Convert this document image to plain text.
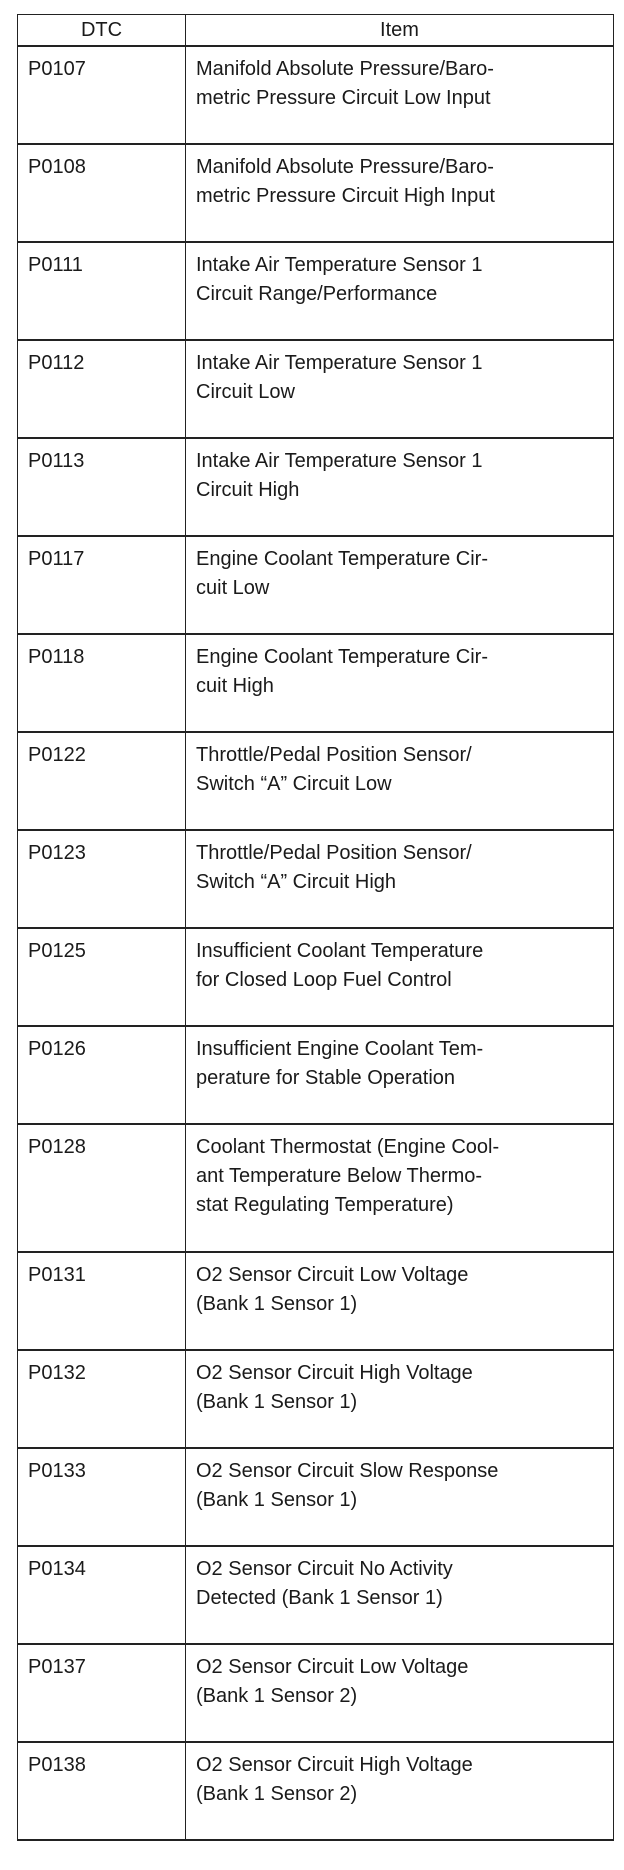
DTC	Item
P0107	Manifold Absolute Pressure/Baro-
metric Pressure Circuit Low Input

P0108	Manifold Absolute Pressure/Baro-
metric Pressure Circuit High Input

P0111	Intake Air Temperature Sensor 1
Circuit Range/Performance

P0112	Intake Air Temperature Sensor 1
Circuit Low

P0113	Intake Air Temperature Sensor 1
Circuit High

P0117	Engine Coolant Temperature Cir-
cuit Low

P0118	Engine Coolant Temperature Cir-
cuit High

P0122	Throttle/Pedal Position Sensor/
Switch “A” Circuit Low

P0123	Throttle/Pedal Position Sensor/
Switch “A” Circuit High

P0125	Insufficient Coolant Temperature
for Closed Loop Fuel Control

P0126	Insufficient Engine Coolant Tem-
perature for Stable Operation

P0128	Coolant Thermostat (Engine Cool-
ant Temperature Below Thermo-
stat Regulating Temperature)

P0131	O2 Sensor Circuit Low Voltage
(Bank 1 Sensor 1)

P0132	O2 Sensor Circuit High Voltage
(Bank 1 Sensor 1)

P0133	O2 Sensor Circuit Slow Response
(Bank 1 Sensor 1)

P0134	O2 Sensor Circuit No Activity
Detected (Bank 1 Sensor 1)

P0137	O2 Sensor Circuit Low Voltage
(Bank 1 Sensor 2)

P0138	O2 Sensor Circuit High Voltage
(Bank 1 Sensor 2)
